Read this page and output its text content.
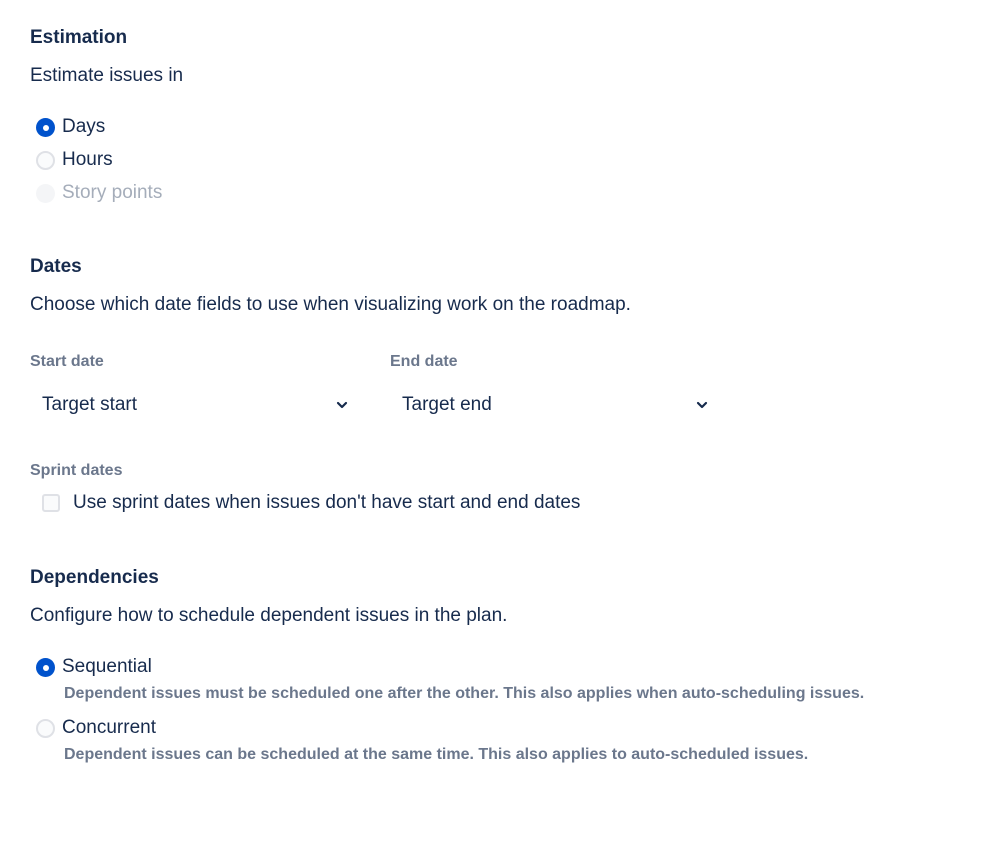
Estimation
Estimate issues in
Days
Hours
Story points
Dates
Choose which date fields to use when visualizing work on the roadmap.
Start date
Target start
End date
Target end
Sprint dates
Use sprint dates when issues don't have start and end dates
Dependencies
Configure how to schedule dependent issues in the plan.
Sequential
Dependent issues must be scheduled one after the other. This also applies when auto-scheduling issues.
Concurrent
Dependent issues can be scheduled at the same time. This also applies to auto-scheduled issues.
